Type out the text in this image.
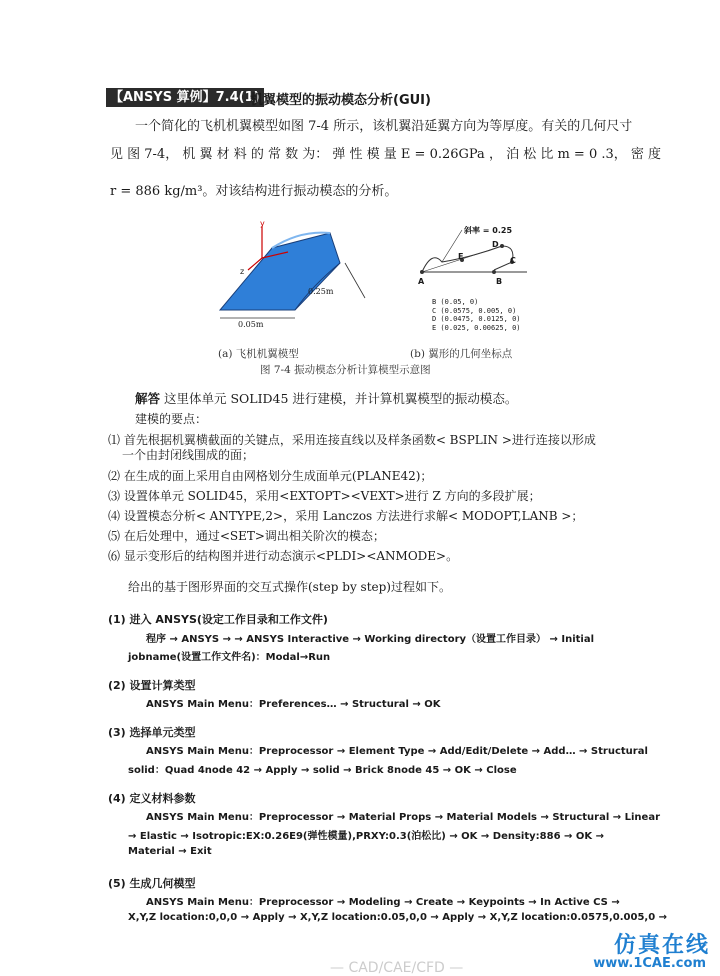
【ANSYS 算例】7.4(1)
机翼模型的振动模态分析(GUI)
一个简化的飞机机翼模型如图 7-4 所示，该机翼沿延翼方向为等厚度。有关的几何尺寸
见 图 7-4， 机 翼 材 料 的 常 数 为： 弹 性 模 量 E = 0.26GPa ， 泊 松 比 m = 0 .3， 密 度
r = 886 kg/m³。对该结构进行振动模态的分析。
y
z
0.25m
0.05m
斜率 = 0.25
A	B
C
D
E
B (0.05, 0)
C (0.0575, 0.005, 0)
D (0.0475, 0.0125, 0)
E (0.025, 0.00625, 0)
(a) 飞机机翼模型	(b) 翼形的几何坐标点
图 7-4 振动模态分析计算模型示意图
解答 这里体单元 SOLID45 进行建模，并计算机翼模型的振动模态。
建模的要点：
⑴ 首先根据机翼横截面的关键点，采用连接直线以及样条函数< BSPLIN >进行连接以形成
一个由封闭线围成的面；
⑵ 在生成的面上采用自由网格划分生成面单元(PLANE42)；
⑶ 设置体单元 SOLID45，采用<EXTOPT><VEXT>进行 Z 方向的多段扩展；
⑷ 设置模态分析< ANTYPE,2>，采用 Lanczos 方法进行求解< MODOPT,LANB >；
⑸ 在后处理中，通过<SET>调出相关阶次的模态；
⑹ 显示变形后的结构图并进行动态演示<PLDI><ANMODE>。
给出的基于图形界面的交互式操作(step by step)过程如下。
(1) 进入 ANSYS(设定工作目录和工作文件)
程序 → ANSYS → → ANSYS Interactive → Working directory（设置工作目录） → Initial
jobname(设置工作文件名)：Modal→Run
(2) 设置计算类型
ANSYS Main Menu：Preferences… → Structural → OK
(3) 选择单元类型
ANSYS Main Menu：Preprocessor → Element Type → Add/Edit/Delete → Add… → Structural
solid：Quad 4node 42 → Apply → solid → Brick 8node 45 → OK → Close
(4) 定义材料参数
ANSYS Main Menu：Preprocessor → Material Props → Material Models → Structural → Linear
→ Elastic → Isotropic:EX:0.26E9(弹性模量),PRXY:0.3(泊松比) → OK → Density:886 → OK →
Material → Exit
(5) 生成几何模型
ANSYS Main Menu：Preprocessor → Modeling → Create → Keypoints → In Active CS →
X,Y,Z location:0,0,0 → Apply → X,Y,Z location:0.05,0,0 → Apply → X,Y,Z location:0.0575,0.005,0 →
仿真在线
www.1CAE.com
— CAD/CAE/CFD —
